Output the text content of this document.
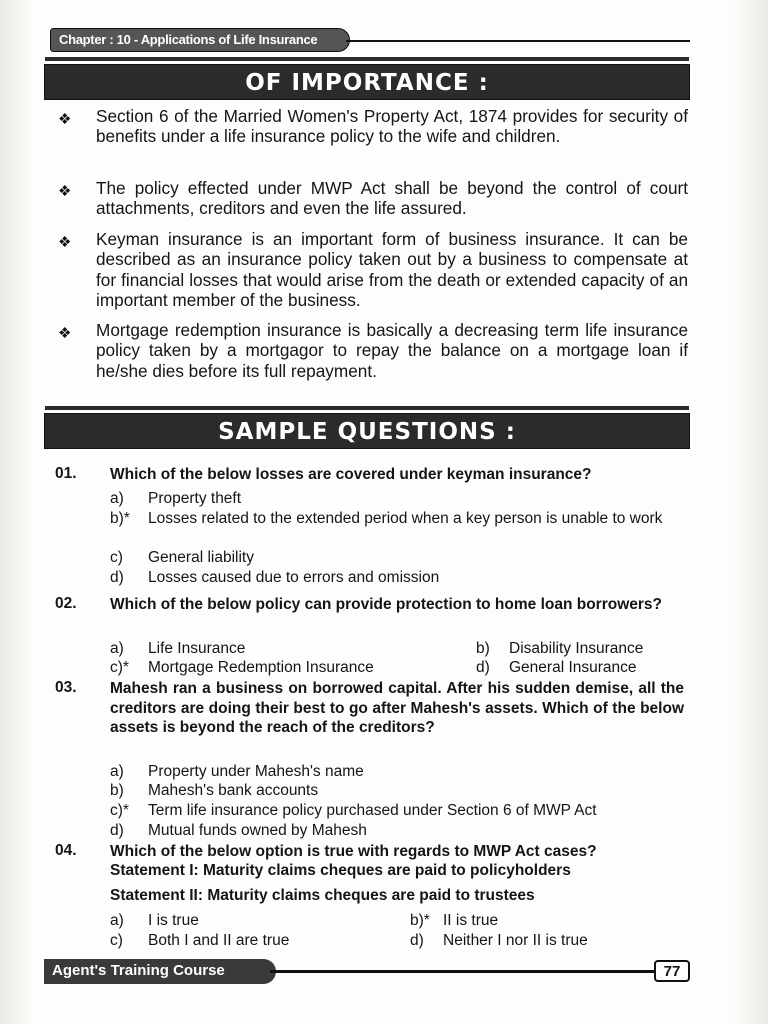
Chapter : 10 - Applications of Life Insurance
OF IMPORTANCE :
❖ Section 6 of the Married Women's Property Act, 1874 provides for security of benefits under a life insurance policy to the wife and children.
❖ The policy effected under MWP Act shall be beyond the control of court attachments, creditors and even the life assured.
❖ Keyman insurance is an important form of business insurance. It can be described as an insurance policy taken out by a business to compensate at for financial losses that would arise from the death or extended capacity of an important member of the business.
❖ Mortgage redemption insurance is basically a decreasing term life insurance policy taken by a mortgagor to repay the balance on a mortgage loan if he/she dies before its full repayment.
SAMPLE QUESTIONS :
01. Which of the below losses are covered under keyman insurance?
a) Property theft
b)* Losses related to the extended period when a key person is unable to work
c) General liability
d) Losses caused due to errors and omission
02. Which of the below policy can provide protection to home loan borrowers?
a) Life Insurance	b) Disability Insurance
c)* Mortgage Redemption Insurance	d) General Insurance
03. Mahesh ran a business on borrowed capital. After his sudden demise, all the creditors are doing their best to go after Mahesh's assets. Which of the below assets is beyond the reach of the creditors?
a) Property under Mahesh's name
b) Mahesh's bank accounts
c)* Term life insurance policy purchased under Section 6 of MWP Act
d) Mutual funds owned by Mahesh
04. Which of the below option is true with regards to MWP Act cases?
Statement I: Maturity claims cheques are paid to policyholders
Statement II: Maturity claims cheques are paid to trustees
a) I is true	b)* II is true
c) Both I and II are true	d) Neither I nor II is true
Agent's Training Course	77
